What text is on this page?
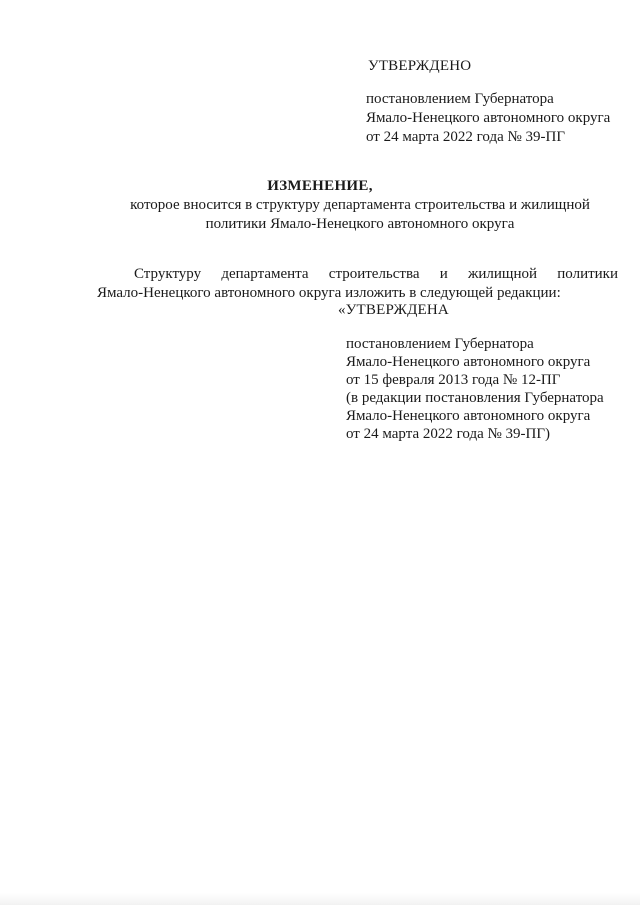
УТВЕРЖДЕНО
постановлением Губернатора
Ямало-Ненецкого автономного округа
от 24 марта 2022 года № 39-ПГ
ИЗМЕНЕНИЕ,
которое вносится в структуру департамента строительства и жилищной
политики Ямало-Ненецкого автономного округа
Структуру департамента строительства и жилищной политики
Ямало-Ненецкого автономного округа изложить в следующей редакции:
«УТВЕРЖДЕНА
постановлением Губернатора
Ямало-Ненецкого автономного округа
от 15 февраля 2013 года № 12-ПГ
(в редакции постановления Губернатора
Ямало-Ненецкого автономного округа
от 24 марта 2022 года № 39-ПГ)
